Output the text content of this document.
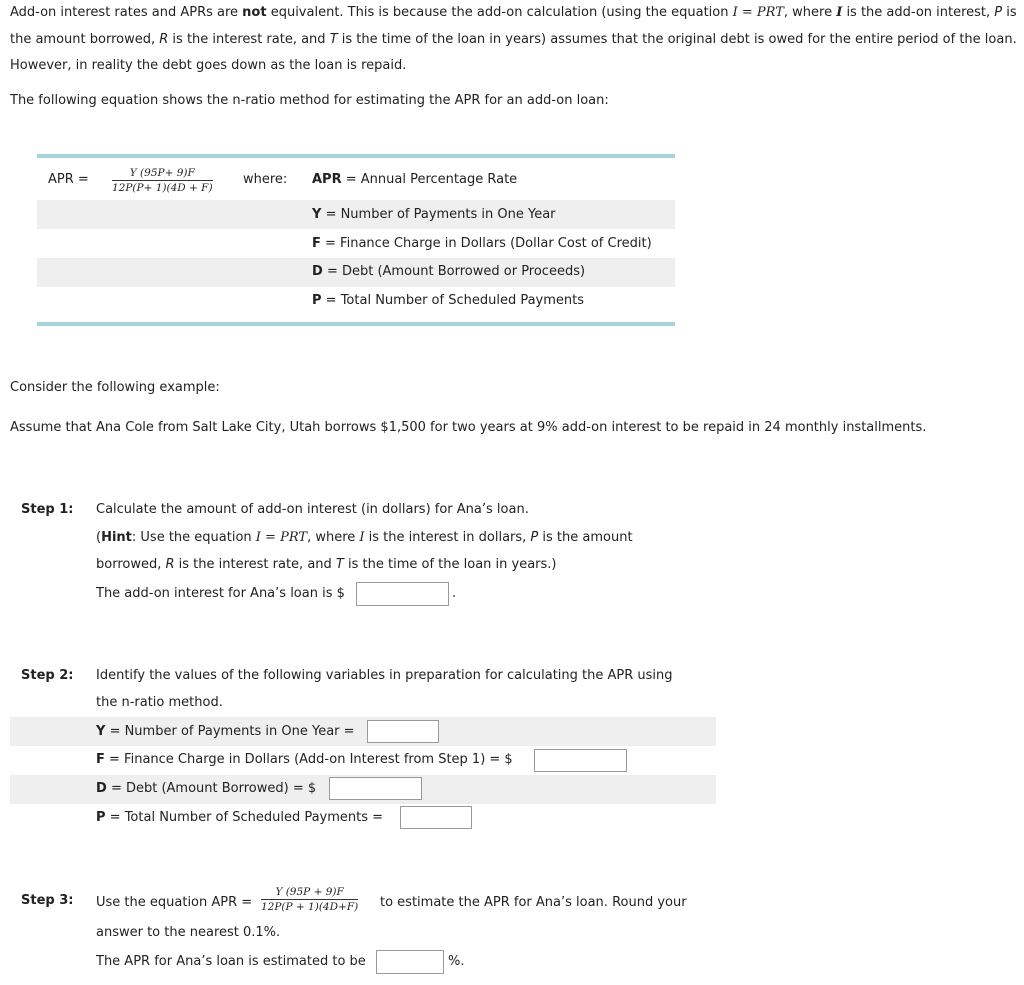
Add-on interest rates and APRs are not equivalent. This is because the add-on calculation (using the equation I = PRT, where I is the add-on interest, P is the amount borrowed, R is the interest rate, and T is the time of the loan in years) assumes that the original debt is owed for the entire period of the loan. However, in reality the debt goes down as the loan is repaid.

The following equation shows the n-ratio method for estimating the APR for an add-on loan:
APR = $\frac{Y (95P+ 9)F}{12P(P+ 1)(4D + F)}$ where: APR = Annual Percentage Rate
Y = Number of Payments in One Year
F = Finance Charge in Dollars (Dollar Cost of Credit)
D = Debt (Amount Borrowed or Proceeds)
P = Total Number of Scheduled Payments
Consider the following example:
Assume that Ana Cole from Salt Lake City, Utah borrows $1,500 for two years at 9% add-on interest to be repaid in 24 monthly installments.
Step 1: Calculate the amount of add-on interest (in dollars) for Ana’s loan.
(Hint: Use the equation I = PRT, where I is the interest in dollars, P is the amount
borrowed, R is the interest rate, and T is the time of the loan in years.)
The add-on interest for Ana’s loan is $	.
Step 2: Identify the values of the following variables in preparation for calculating the APR using
the n-ratio method.
Y = Number of Payments in One Year =
F = Finance Charge in Dollars (Add-on Interest from Step 1) = $
D = Debt (Amount Borrowed) = $
P = Total Number of Scheduled Payments =
Step 3: Use the equation APR = $\frac{Y (95P + 9)F}{12P(P + 1)(4D+F)}$ to estimate the APR for Ana’s loan. Round your
answer to the nearest 0.1%.
The APR for Ana’s loan is estimated to be	%.
